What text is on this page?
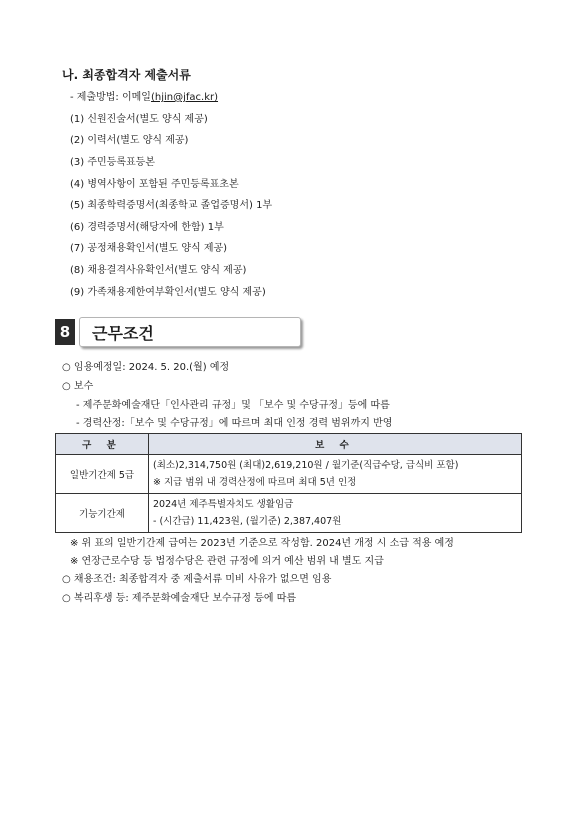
나. 최종합격자 제출서류
- 제출방법: 이메일(hjin@jfac.kr)
(1) 신원진술서(별도 양식 제공)
(2) 이력서(별도 양식 제공)
(3) 주민등록표등본
(4) 병역사항이 포함된 주민등록표초본
(5) 최종학력증명서(최종학교 졸업증명서) 1부
(6) 경력증명서(해당자에 한함) 1부
(7) 공정채용확인서(별도 양식 제공)
(8) 채용결격사유확인서(별도 양식 제공)
(9) 가족채용제한여부확인서(별도 양식 제공)
8 근무조건
○ 임용예정일: 2024. 5. 20.(월) 예정
○ 보수
- 제주문화예술재단「인사관리 규정」및 「보수 및 수당규정」등에 따름
- 경력산정:「보수 및 수당규정」에 따르며 최대 인정 경력 범위까지 반영
구 분	보 수
일반기간제 5급	(최소)2,314,750원 (최대)2,619,210원 / 월기준(직급수당, 급식비 포함)
※ 지급 범위 내 경력산정에 따르며 최대 5년 인정

기능기간제	2024년 제주특별자치도 생활임금
- (시간급) 11,423원, (월기준) 2,387,407원
※ 위 표의 일반기간제 급여는 2023년 기준으로 작성함. 2024년 개정 시 소급 적용 예정
※ 연장근로수당 등 법정수당은 관련 규정에 의거 예산 범위 내 별도 지급
○ 채용조건: 최종합격자 중 제출서류 미비 사유가 없으면 임용
○ 복리후생 등: 제주문화예술재단 보수규정 등에 따름
